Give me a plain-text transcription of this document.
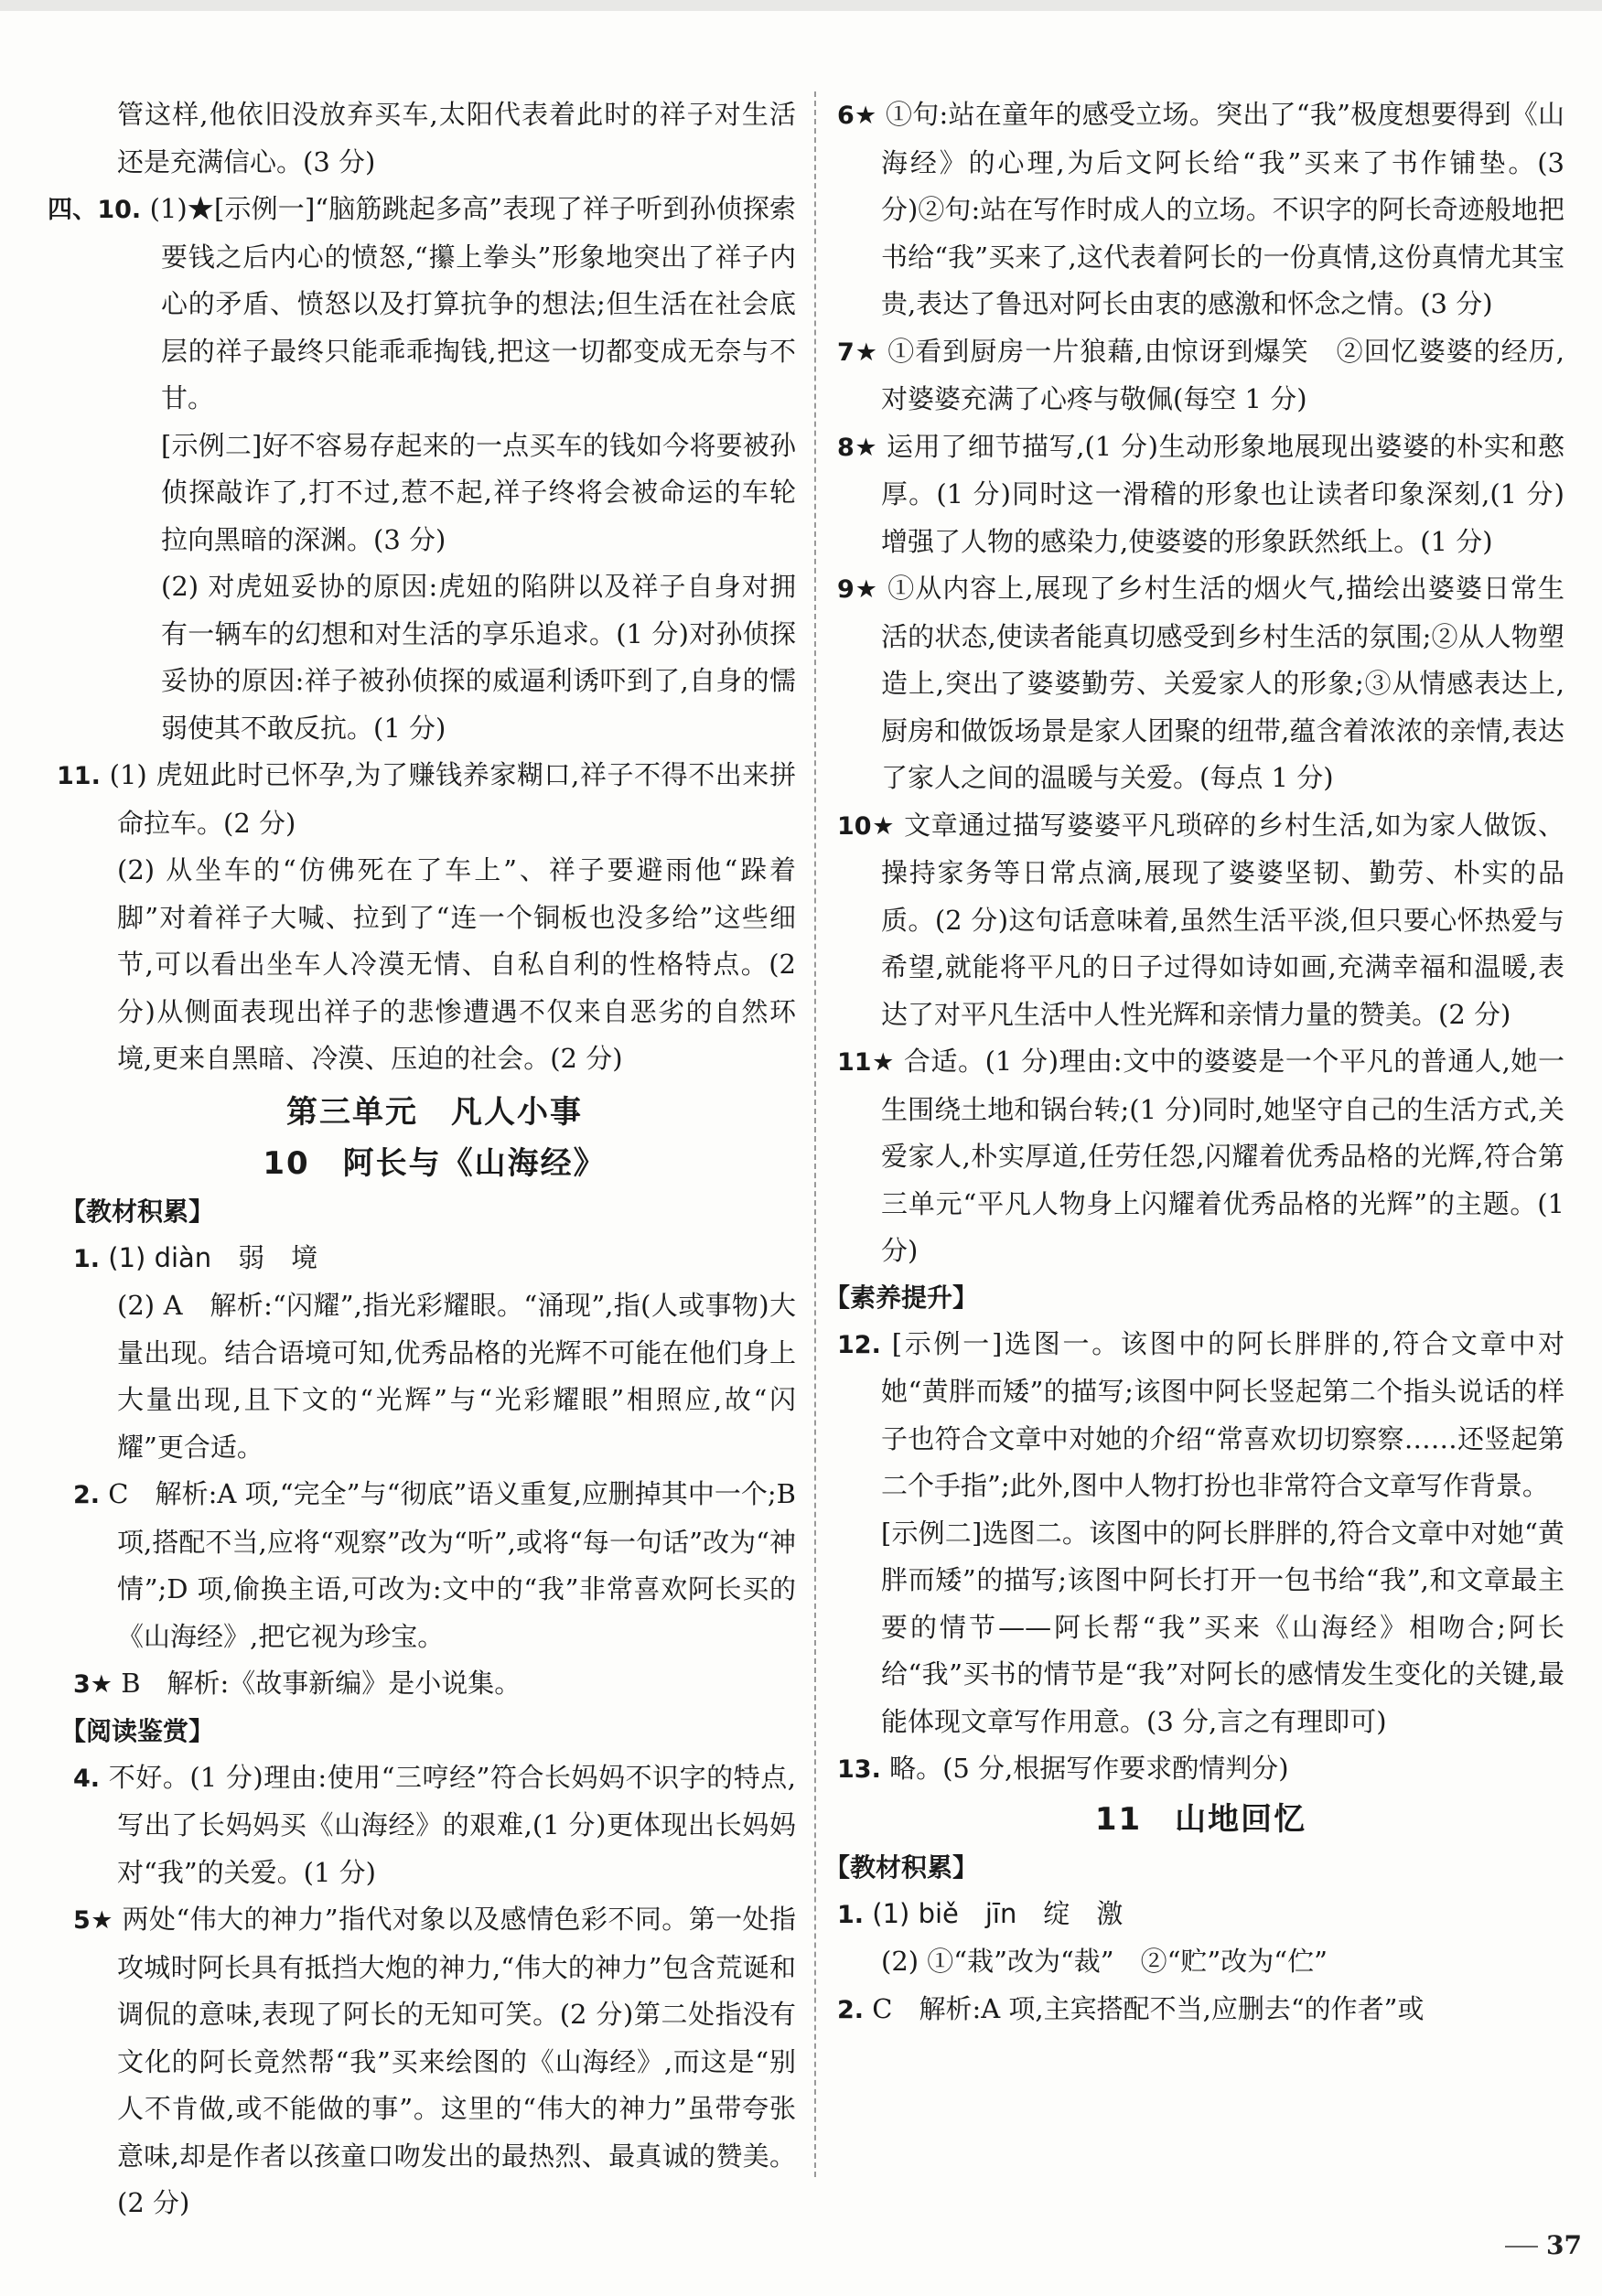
管这样,他依旧没放弃买车,太阳代表着此时的祥子对生活还是充满信心。(3 分)

四、10. (1)★[示例一]“脑筋跳起多高”表现了祥子听到孙侦探索要钱之后内心的愤怒,“攥上拳头”形象地突出了祥子内心的矛盾、愤怒以及打算抗争的想法;但生活在社会底层的祥子最终只能乖乖掏钱,把这一切都变成无奈与不甘。

[示例二]好不容易存起来的一点买车的钱如今将要被孙侦探敲诈了,打不过,惹不起,祥子终将会被命运的车轮拉向黑暗的深渊。(3 分)

(2) 对虎妞妥协的原因:虎妞的陷阱以及祥子自身对拥有一辆车的幻想和对生活的享乐追求。(1 分)对孙侦探妥协的原因:祥子被孙侦探的威逼利诱吓到了,自身的懦弱使其不敢反抗。(1 分)

11. (1) 虎妞此时已怀孕,为了赚钱养家糊口,祥子不得不出来拼命拉车。(2 分)

(2) 从坐车的“仿佛死在了车上”、祥子要避雨他“跺着脚”对着祥子大喊、拉到了“连一个铜板也没多给”这些细节,可以看出坐车人冷漠无情、自私自利的性格特点。(2 分)从侧面表现出祥子的悲惨遭遇不仅来自恶劣的自然环境,更来自黑暗、冷漠、压迫的社会。(2 分)

第三单元　凡人小事
10　阿长与《山海经》
【教材积累】

1. (1) diàn　弱　境

(2) A　解析:“闪耀”,指光彩耀眼。“涌现”,指(人或事物)大量出现。结合语境可知,优秀品格的光辉不可能在他们身上大量出现,且下文的“光辉”与“光彩耀眼”相照应,故“闪耀”更合适。

2. C　解析:A 项,“完全”与“彻底”语义重复,应删掉其中一个;B 项,搭配不当,应将“观察”改为“听”,或将“每一句话”改为“神情”;D 项,偷换主语,可改为:文中的“我”非常喜欢阿长买的《山海经》,把它视为珍宝。

3★ B　解析:《故事新编》是小说集。

【阅读鉴赏】

4. 不好。(1 分)理由:使用“三哼经”符合长妈妈不识字的特点,写出了长妈妈买《山海经》的艰难,(1 分)更体现出长妈妈对“我”的关爱。(1 分)

5★ 两处“伟大的神力”指代对象以及感情色彩不同。第一处指攻城时阿长具有抵挡大炮的神力,“伟大的神力”包含荒诞和调侃的意味,表现了阿长的无知可笑。(2 分)第二处指没有文化的阿长竟然帮“我”买来绘图的《山海经》,而这是“别人不肯做,或不能做的事”。这里的“伟大的神力”虽带夸张意味,却是作者以孩童口吻发出的最热烈、最真诚的赞美。(2 分)

6★ ①句:站在童年的感受立场。突出了“我”极度想要得到《山海经》的心理,为后文阿长给“我”买来了书作铺垫。(3 分)②句:站在写作时成人的立场。不识字的阿长奇迹般地把书给“我”买来了,这代表着阿长的一份真情,这份真情尤其宝贵,表达了鲁迅对阿长由衷的感激和怀念之情。(3 分)

7★ ①看到厨房一片狼藉,由惊讶到爆笑　②回忆婆婆的经历,对婆婆充满了心疼与敬佩(每空 1 分)

8★ 运用了细节描写,(1 分)生动形象地展现出婆婆的朴实和憨厚。(1 分)同时这一滑稽的形象也让读者印象深刻,(1 分)增强了人物的感染力,使婆婆的形象跃然纸上。(1 分)

9★ ①从内容上,展现了乡村生活的烟火气,描绘出婆婆日常生活的状态,使读者能真切感受到乡村生活的氛围;②从人物塑造上,突出了婆婆勤劳、关爱家人的形象;③从情感表达上,厨房和做饭场景是家人团聚的纽带,蕴含着浓浓的亲情,表达了家人之间的温暖与关爱。(每点 1 分)

10★ 文章通过描写婆婆平凡琐碎的乡村生活,如为家人做饭、操持家务等日常点滴,展现了婆婆坚韧、勤劳、朴实的品质。(2 分)这句话意味着,虽然生活平淡,但只要心怀热爱与希望,就能将平凡的日子过得如诗如画,充满幸福和温暖,表达了对平凡生活中人性光辉和亲情力量的赞美。(2 分)

11★ 合适。(1 分)理由:文中的婆婆是一个平凡的普通人,她一生围绕土地和锅台转;(1 分)同时,她坚守自己的生活方式,关爱家人,朴实厚道,任劳任怨,闪耀着优秀品格的光辉,符合第三单元“平凡人物身上闪耀着优秀品格的光辉”的主题。(1 分)

【素养提升】

12. [示例一]选图一。该图中的阿长胖胖的,符合文章中对她“黄胖而矮”的描写;该图中阿长竖起第二个指头说话的样子也符合文章中对她的介绍“常喜欢切切察察……还竖起第二个手指”;此外,图中人物打扮也非常符合文章写作背景。

[示例二]选图二。该图中的阿长胖胖的,符合文章中对她“黄胖而矮”的描写;该图中阿长打开一包书给“我”,和文章最主要的情节——阿长帮“我”买来《山海经》相吻合;阿长给“我”买书的情节是“我”对阿长的感情发生变化的关键,最能体现文章写作用意。(3 分,言之有理即可)

13. 略。(5 分,根据写作要求酌情判分)

11　山地回忆
【教材积累】

1. (1) biě　jīn　绽　激

(2) ①“栽”改为“裁”　②“贮”改为“伫”

2. C　解析:A 项,主宾搭配不当,应删去“的作者”或

37
